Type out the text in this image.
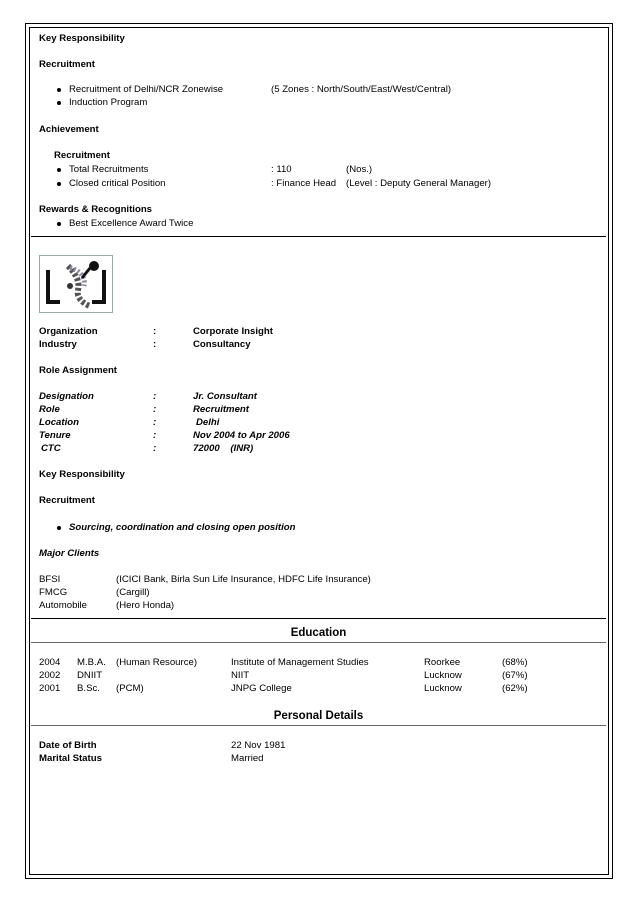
Key Responsibility
Recruitment
Recruitment of Delhi/NCR Zonewise	(5 Zones : North/South/East/West/Central)
Induction Program
Achievement
Recruitment
Total Recruitments	: 110	(Nos.)
Closed critical Position	: Finance Head (Level : Deputy General Manager)
Rewards & Recognitions
Best Excellence Award Twice
Organization	:	Corporate Insight
Industry	:	Consultancy
Role Assignment
Designation	:	Jr. Consultant
Role	:	Recruitment
Location	:	Delhi
Tenure	:	Nov 2004 to Apr 2006
CTC	:	72000    (INR)
Key Responsibility
Recruitment
Sourcing, coordination and closing open position
Major Clients
BFSI	(ICICI Bank, Birla Sun Life Insurance, HDFC Life Insurance)
FMCG	(Cargill)
Automobile	(Hero Honda)
Education
2004 M.B.A. (Human Resource)	Institute of Management Studies	Roorkee	(68%)
2002 DNIIT	NIIT	Lucknow	(67%)
2001 B.Sc. (PCM)	JNPG College	Lucknow	(62%)
Personal Details
Date of Birth	22 Nov 1981
Marital Status	Married
